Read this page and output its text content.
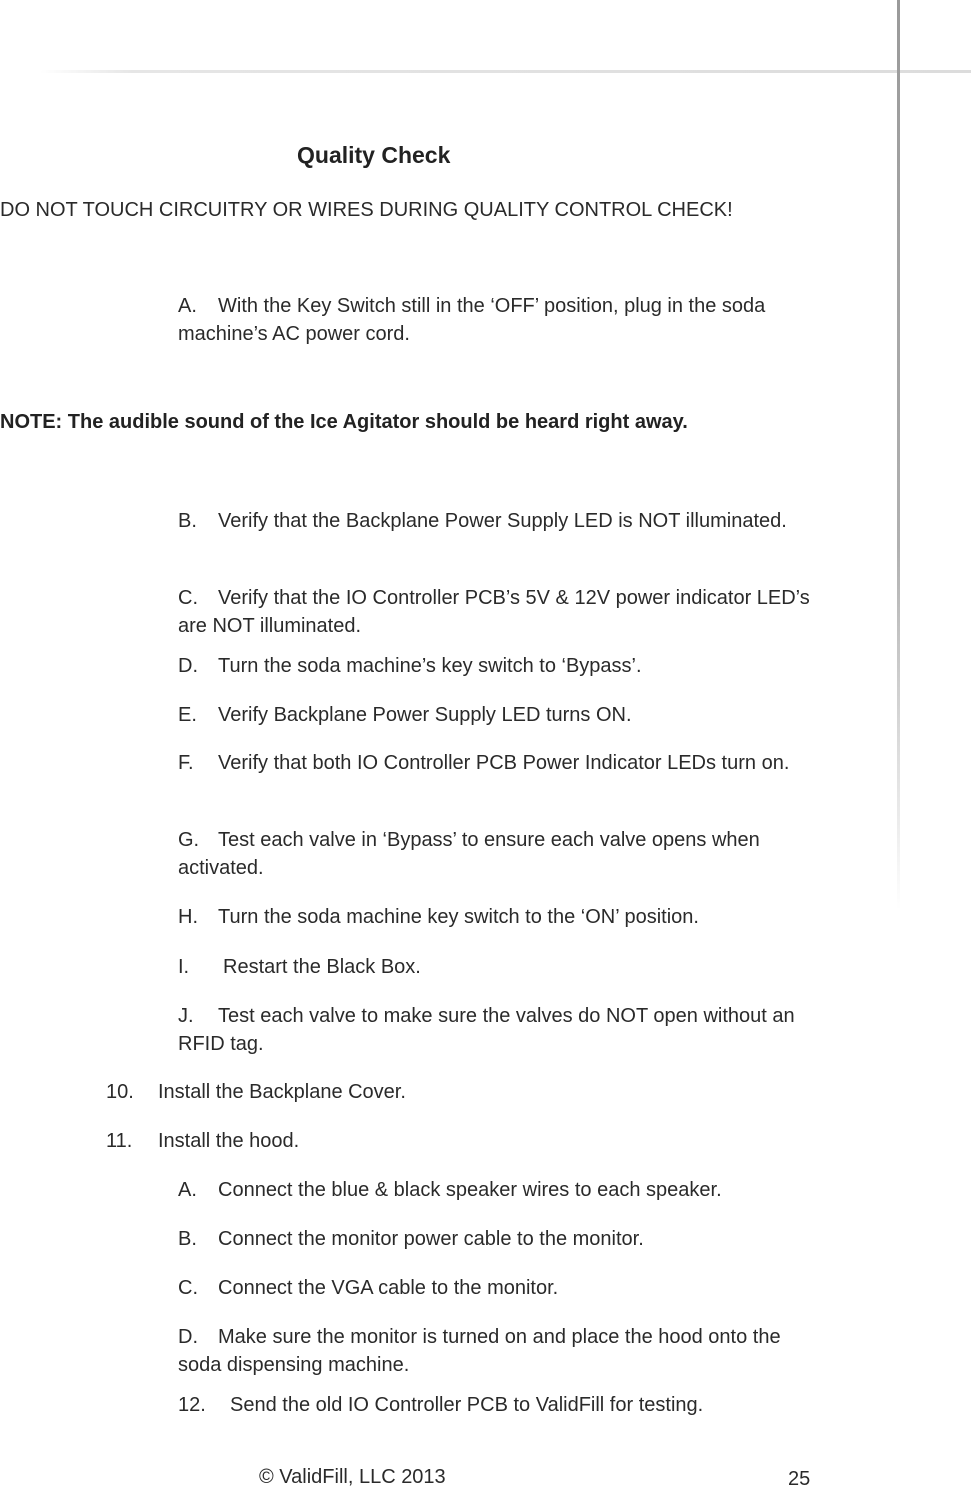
Quality Check

DO NOT TOUCH CIRCUITRY OR WIRES DURING QUALITY CONTROL CHECK!

A. With the Key Switch still in the ‘OFF’ position, plug in the soda machine’s AC power cord.

NOTE: The audible sound of the Ice Agitator should be heard right away.

B. Verify that the Backplane Power Supply LED is NOT illuminated.

C. Verify that the IO Controller PCB’s 5V & 12V power indicator LED’s are NOT illuminated.

D. Turn the soda machine’s key switch to ‘Bypass’.

E. Verify Backplane Power Supply LED turns ON.

F. Verify that both IO Controller PCB Power Indicator LEDs turn on.

G. Test each valve in ‘Bypass’ to ensure each valve opens when activated.

H. Turn the soda machine key switch to the ‘ON’ position.

I. Restart the Black Box.

J. Test each valve to make sure the valves do NOT open without an RFID tag.

10. Install the Backplane Cover.

11. Install the hood.

A. Connect the blue & black speaker wires to each speaker.

B. Connect the monitor power cable to the monitor.

C. Connect the VGA cable to the monitor.

D. Make sure the monitor is turned on and place the hood onto the soda dispensing machine.

12. Send the old IO Controller PCB to ValidFill for testing.

© ValidFill, LLC 2013	25
